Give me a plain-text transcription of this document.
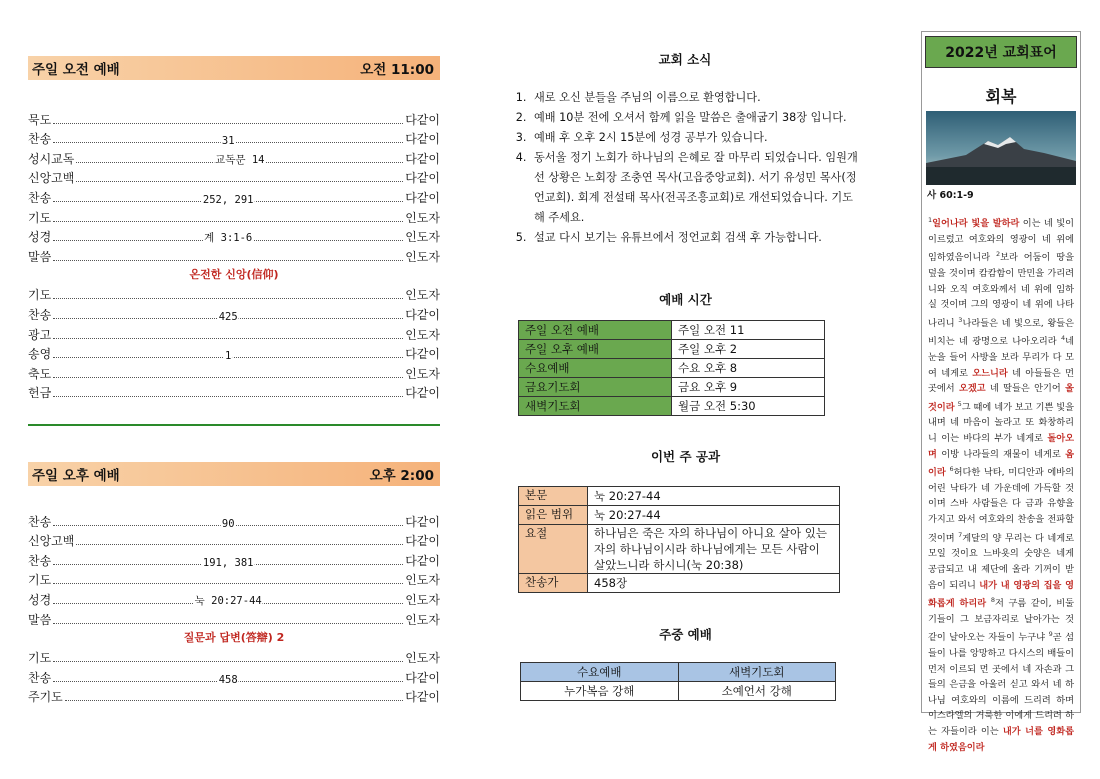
주일 오전 예배	오전 11:00
묵도	다같이
찬송	31	다같이
성시교독	교독문 14	다같이
신앙고백	다같이
찬송	252, 291	다같이
기도	인도자
성경	계 3:1-6	인도자
말씀	인도자
온전한 신앙(信仰)
기도	인도자
찬송	425	다같이
광고	인도자
송영	1	다같이
축도	인도자
헌금	다같이
주일 오후 예배	오후 2:00
찬송	90	다같이
신앙고백	다같이
찬송	191, 381	다같이
기도	인도자
성경	눅 20:27-44	인도자
말씀	인도자
질문과 답변(答辯) 2
기도	인도자
찬송	458	다같이
주기도	다같이
교회 소식
1. 새로 오신 분들을 주님의 이름으로 환영합니다.
2. 예배 10분 전에 오셔서 함께 읽을 말씀은 출애굽기 38장 입니다.
3. 예배 후 오후 2시 15분에 성경 공부가 있습니다.
4. 동서울 정기 노회가 하나님의 은혜로 잘 마무리 되었습니다. 임원개선 상황은 노회장 조충연 목사(고읍중앙교회). 서기 유성민 목사(정언교회). 회계 전설태 목사(전곡조흥교회)로 개선되었습니다. 기도해 주세요.
5. 설교 다시 보기는 유튜브에서 정언교회 검색 후 가능합니다.
예배 시간
주일 오전 예배	주일 오전 11
주일 오후 예배	주일 오후 2
수요예배	수요 오후 8
금요기도회	금요 오후 9
새벽기도회	월금 오전 5:30
이번 주 공과
본문	눅 20:27-44
읽은 범위	눅 20:27-44
요절	하나님은 죽은 자의 하나님이 아니요 살아 있는 자의 하나님이시라 하나님에게는 모든 사람이 살았느니라 하시니(눅 20:38)
찬송가	458장
주중 예배
수요예배	새벽기도회
누가복음 강해	소예언서 강해
2022년 교회표어
회복
사 60:1-9
$^1$일어나라 빛을 발하라 이는 네 빛이 이르렀고 여호와의 영광이 네 위에 임하였음이니라 $^2$보라 어둠이 땅을 덮을 것이며 캄캄함이 만민을 가리려니와 오직 여호와께서 네 위에 임하실 것이며 그의 영광이 네 위에 나타나리니 $^3$나라들은 네 빛으로, 왕들은 비치는 네 광명으로 나아오리라 $^4$네 눈을 들어 사방을 보라 무리가 다 모여 네게로 오느니라 네 아들들은 먼 곳에서 오겠고 네 딸들은 안기어 올 것이라 $^5$그 때에 네가 보고 기쁜 빛을 내며 네 마음이 놀라고 또 화창하리니 이는 바다의 부가 네게로 돌아오며 이방 나라들의 재물이 네게로 옴이라 $^6$허다한 낙타, 미디안과 에바의 어린 낙타가 네 가운데에 가득할 것이며 스바 사람들은 다 금과 유향을 가지고 와서 여호와의 찬송을 전파할 것이며 $^7$게달의 양 무리는 다 네게로 모일 것이요 느바욧의 숫양은 네게 공급되고 내 제단에 올라 기꺼이 받음이 되리니 내가 내 영광의 집을 영화롭게 하리라 $^8$저 구름 같이, 비둘기들이 그 보금자리로 날아가는 것 같이 날아오는 자들이 누구냐 $^9$곧 섬들이 나를 앙망하고 다시스의 배들이 먼저 이르되 먼 곳에서 네 자손과 그들의 은금을 아울러 싣고 와서 네 하나님 여호와의 이름에 드리려 하며 이스라엘의 거룩한 이에게 드리려 하는 자들이라 이는 내가 너를 영화롭게 하였음이라
